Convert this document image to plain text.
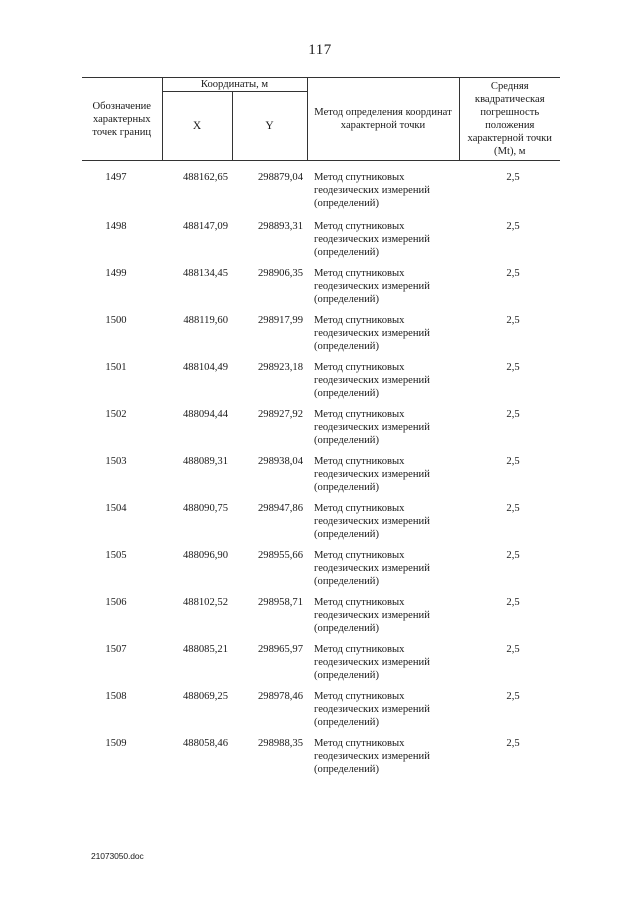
117
Обозначение характерных точек границ	Координаты, м		Метод определения координат характерной точки	Средняя квадратическая погрешность положения характерной точки (Mt), м
	X	Y		
1497	488162,65	298879,04	Метод спутниковых геодезических измерений (определений)	2,5
1498	488147,09	298893,31	Метод спутниковых геодезических измерений (определений)	2,5
1499	488134,45	298906,35	Метод спутниковых геодезических измерений (определений)	2,5
1500	488119,60	298917,99	Метод спутниковых геодезических измерений (определений)	2,5
1501	488104,49	298923,18	Метод спутниковых геодезических измерений (определений)	2,5
1502	488094,44	298927,92	Метод спутниковых геодезических измерений (определений)	2,5
1503	488089,31	298938,04	Метод спутниковых геодезических измерений (определений)	2,5
1504	488090,75	298947,86	Метод спутниковых геодезических измерений (определений)	2,5
1505	488096,90	298955,66	Метод спутниковых геодезических измерений (определений)	2,5
1506	488102,52	298958,71	Метод спутниковых геодезических измерений (определений)	2,5
1507	488085,21	298965,97	Метод спутниковых геодезических измерений (определений)	2,5
1508	488069,25	298978,46	Метод спутниковых геодезических измерений (определений)	2,5
1509	488058,46	298988,35	Метод спутниковых геодезических измерений (определений)	2,5
21073050.doc
